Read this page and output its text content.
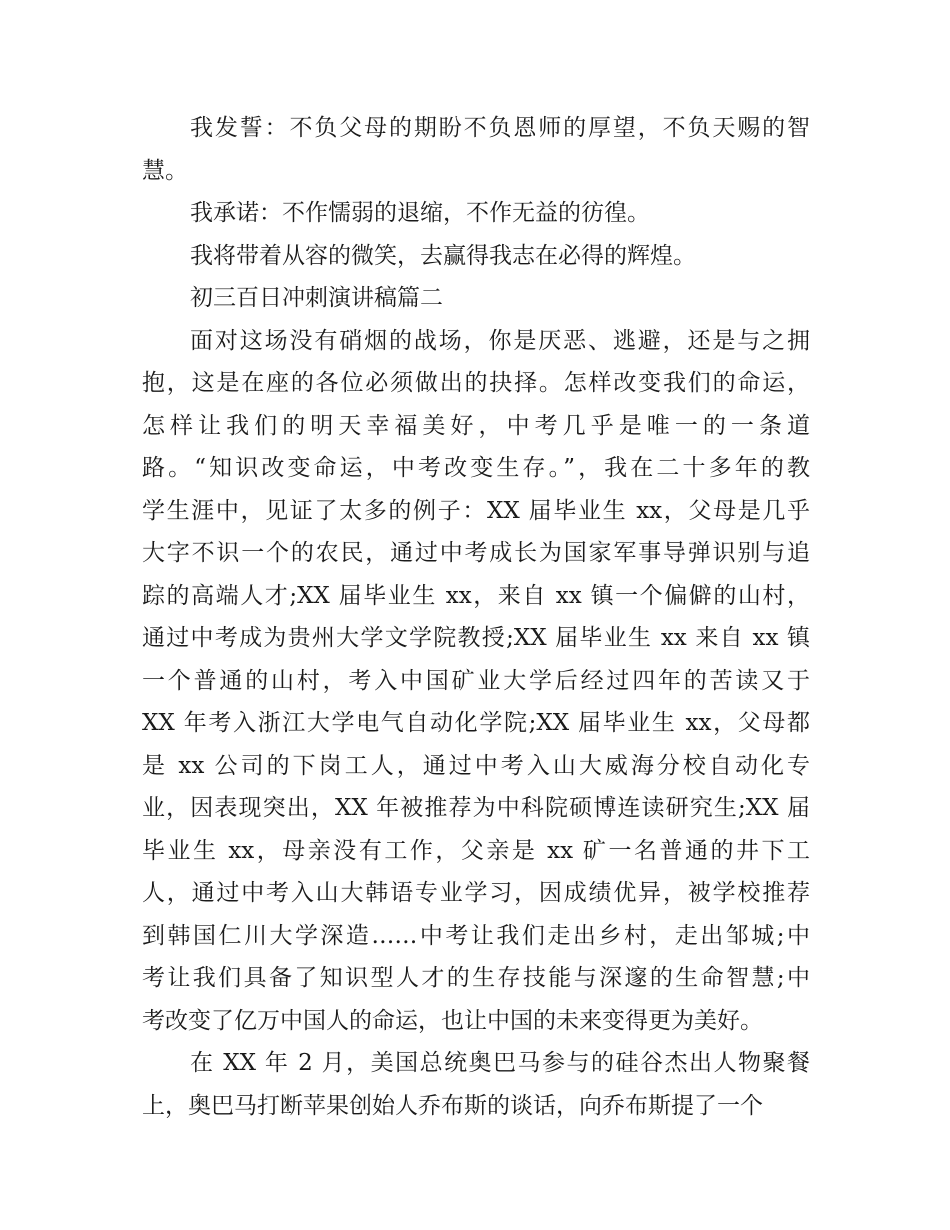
我发誓：不负父母的期盼不负恩师的厚望，不负天赐的智
慧。
我承诺：不作懦弱的退缩，不作无益的彷徨。
我将带着从容的微笑，去赢得我志在必得的辉煌。
初三百日冲刺演讲稿篇二
面对这场没有硝烟的战场，你是厌恶、逃避，还是与之拥
抱，这是在座的各位必须做出的抉择。怎样改变我们的命运，
怎样让我们的明天幸福美好，中考几乎是唯一的一条道
路。“知识改变命运，中考改变生存。”，我在二十多年的教
学生涯中，见证了太多的例子：XX 届毕业生 xx，父母是几乎
大字不识一个的农民，通过中考成长为国家军事导弹识别与追
踪的高端人才;XX 届毕业生 xx，来自 xx 镇一个偏僻的山村，
通过中考成为贵州大学文学院教授;XX 届毕业生 xx 来自 xx 镇
一个普通的山村，考入中国矿业大学后经过四年的苦读又于
XX 年考入浙江大学电气自动化学院;XX 届毕业生 xx，父母都
是 xx 公司的下岗工人，通过中考入山大威海分校自动化专
业，因表现突出，XX 年被推荐为中科院硕博连读研究生;XX 届
毕业生 xx，母亲没有工作，父亲是 xx 矿一名普通的井下工
人，通过中考入山大韩语专业学习，因成绩优异，被学校推荐
到韩国仁川大学深造……中考让我们走出乡村，走出邹城;中
考让我们具备了知识型人才的生存技能与深邃的生命智慧;中
考改变了亿万中国人的命运，也让中国的未来变得更为美好。
在 XX 年 2 月，美国总统奥巴马参与的硅谷杰出人物聚餐
上，奥巴马打断苹果创始人乔布斯的谈话，向乔布斯提了一个
